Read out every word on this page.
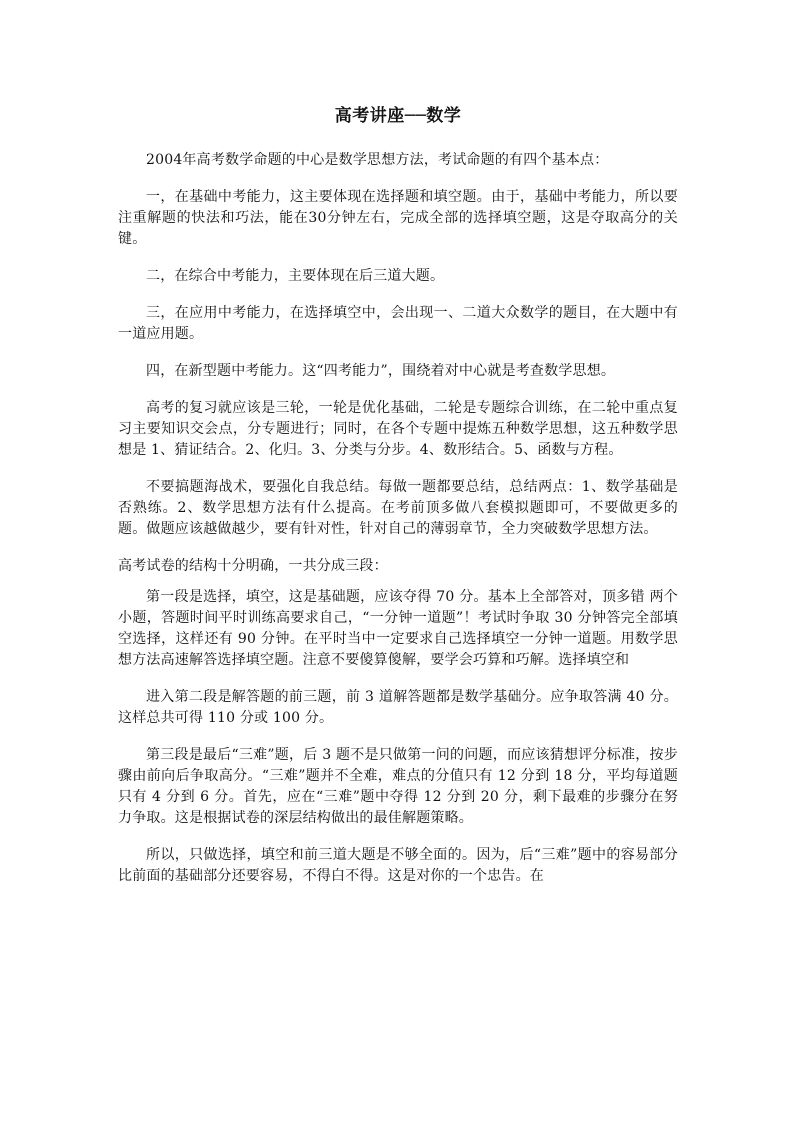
高考讲座──数学

2004年高考数学命题的中心是数学思想方法，考试命题的有四个基本点：

一，在基础中考能力，这主要体现在选择题和填空题。由于，基础中考能力，所以要注重解题的快法和巧法，能在30分钟左右，完成全部的选择填空题，这是夺取高分的关键。

二，在综合中考能力，主要体现在后三道大题。

三，在应用中考能力，在选择填空中，会出现一、二道大众数学的题目，在大题中有一道应用题。

四，在新型题中考能力。这“四考能力”，围绕着对中心就是考查数学思想。

高考的复习就应该是三轮，一轮是优化基础，二轮是专题综合训练，在二轮中重点复习主要知识交会点，分专题进行；同时，在各个专题中提炼五种数学思想，这五种数学思想是 1、猜证结合。2、化归。3、分类与分步。4、数形结合。5、函数与方程。

不要搞题海战术，要强化自我总结。每做一题都要总结，总结两点：1、数学基础是否熟练。2、数学思想方法有什么提高。在考前顶多做八套模拟题即可，不要做更多的题。做题应该越做越少，要有针对性，针对自己的薄弱章节，全力突破数学思想方法。

高考试卷的结构十分明确，一共分成三段：

第一段是选择，填空，这是基础题，应该夺得 70 分。基本上全部答对，顶多错 两个小题，答题时间平时训练高要求自己，“一分钟一道题”！考试时争取 30 分钟答完全部填空选择，这样还有 90 分钟。在平时当中一定要求自己选择填空一分钟一道题。用数学思想方法高速解答选择填空题。注意不要傻算傻解，要学会巧算和巧解。选择填空和

进入第二段是解答题的前三题，前 3 道解答题都是数学基础分。应争取答满 40 分。这样总共可得 110 分或 100 分。

第三段是最后“三难”题，后 3 题不是只做第一问的问题，而应该猜想评分标准，按步骤由前向后争取高分。“三难”题并不全难，难点的分值只有 12 分到 18 分，平均每道题只有 4 分到 6 分。首先，应在“三难”题中夺得 12 分到 20 分，剩下最难的步骤分在努力争取。这是根据试卷的深层结构做出的最佳解题策略。

所以，只做选择，填空和前三道大题是不够全面的。因为，后“三难”题中的容易部分比前面的基础部分还要容易，不得白不得。这是对你的一个忠告。在
